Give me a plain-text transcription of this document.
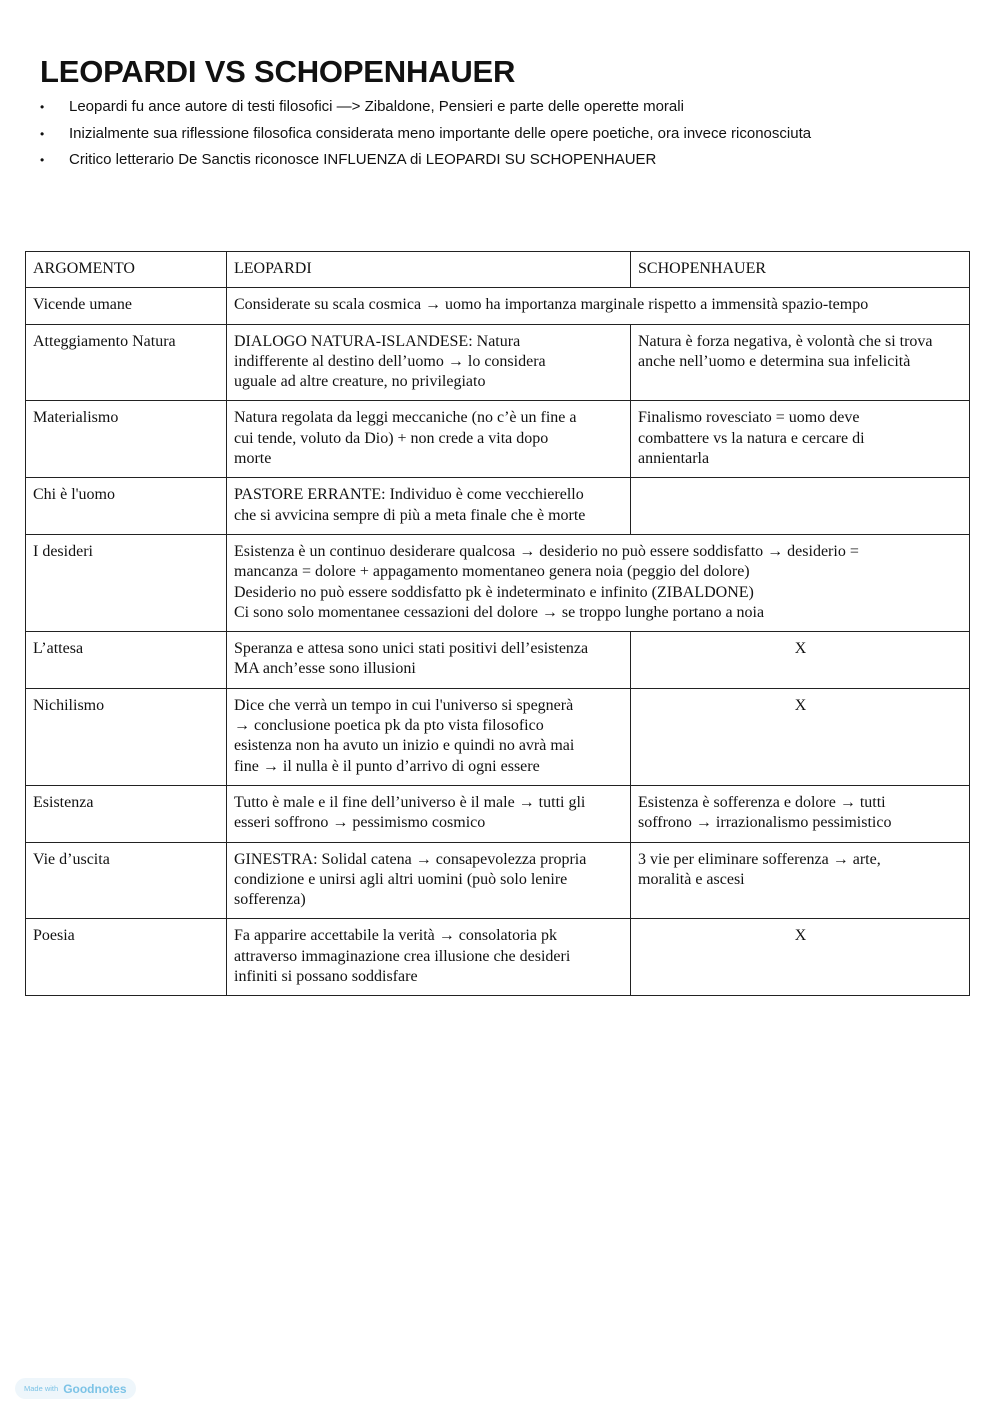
LEOPARDI VS SCHOPENHAUER
• Leopardi fu ance autore di testi filosofici —> Zibaldone, Pensieri e parte delle operette morali
• Inizialmente sua riflessione filosofica considerata meno importante delle opere poetiche, ora invece riconosciuta
• Critico letterario De Sanctis riconosce INFLUENZA di LEOPARDI SU SCHOPENHAUER
ARGOMENTO	LEOPARDI	SCHOPENHAUER
Vicende umane	Considerate su scala cosmica → uomo ha importanza marginale rispetto a immensità spazio-tempo	

Atteggiamento Natura	DIALOGO NATURA-ISLANDESE: Natura
indifferente al destino dell’uomo → lo considera
uguale ad altre creature, no privilegiato	Natura è forza negativa, è volontà che si trova
anche nell’uomo e determina sua infelicità

Materialismo	Natura regolata da leggi meccaniche (no c’è un fine a
cui tende, voluto da Dio) + non crede a vita dopo
morte	Finalismo rovesciato = uomo deve
combattere vs la natura e cercare di
annientarla

Chi è l'uomo	PASTORE ERRANTE: Individuo è come vecchierello
che si avvicina sempre di più a meta finale che è morte	

I desideri	Esistenza è un continuo desiderare qualcosa → desiderio no può essere soddisfatto → desiderio =
mancanza = dolore + appagamento momentaneo genera noia (peggio del dolore)
Desiderio no può essere soddisfatto pk è indeterminato e infinito (ZIBALDONE)
Ci sono solo momentanee cessazioni del dolore → se troppo lunghe portano a noia	

L’attesa	Speranza e attesa sono unici stati positivi dell’esistenza
MA anch’esse sono illusioni	X

Nichilismo	Dice che verrà un tempo in cui l'universo si spegnerà
→ conclusione poetica pk da pto vista filosofico
esistenza non ha avuto un inizio e quindi no avrà mai
fine → il nulla è il punto d’arrivo di ogni essere	X

Esistenza	Tutto è male e il fine dell’universo è il male → tutti gli
esseri soffrono → pessimismo cosmico	Esistenza è sofferenza e dolore → tutti
soffrono → irrazionalismo pessimistico

Vie d’uscita	GINESTRA: Solidal catena → consapevolezza propria
condizione e unirsi agli altri uomini (può solo lenire
sofferenza)	3 vie per eliminare sofferenza → arte,
moralità e ascesi

Poesia	Fa apparire accettabile la verità → consolatoria pk
attraverso immaginazione crea illusione che desideri
infiniti si possano soddisfare	X
Made with Goodnotes
